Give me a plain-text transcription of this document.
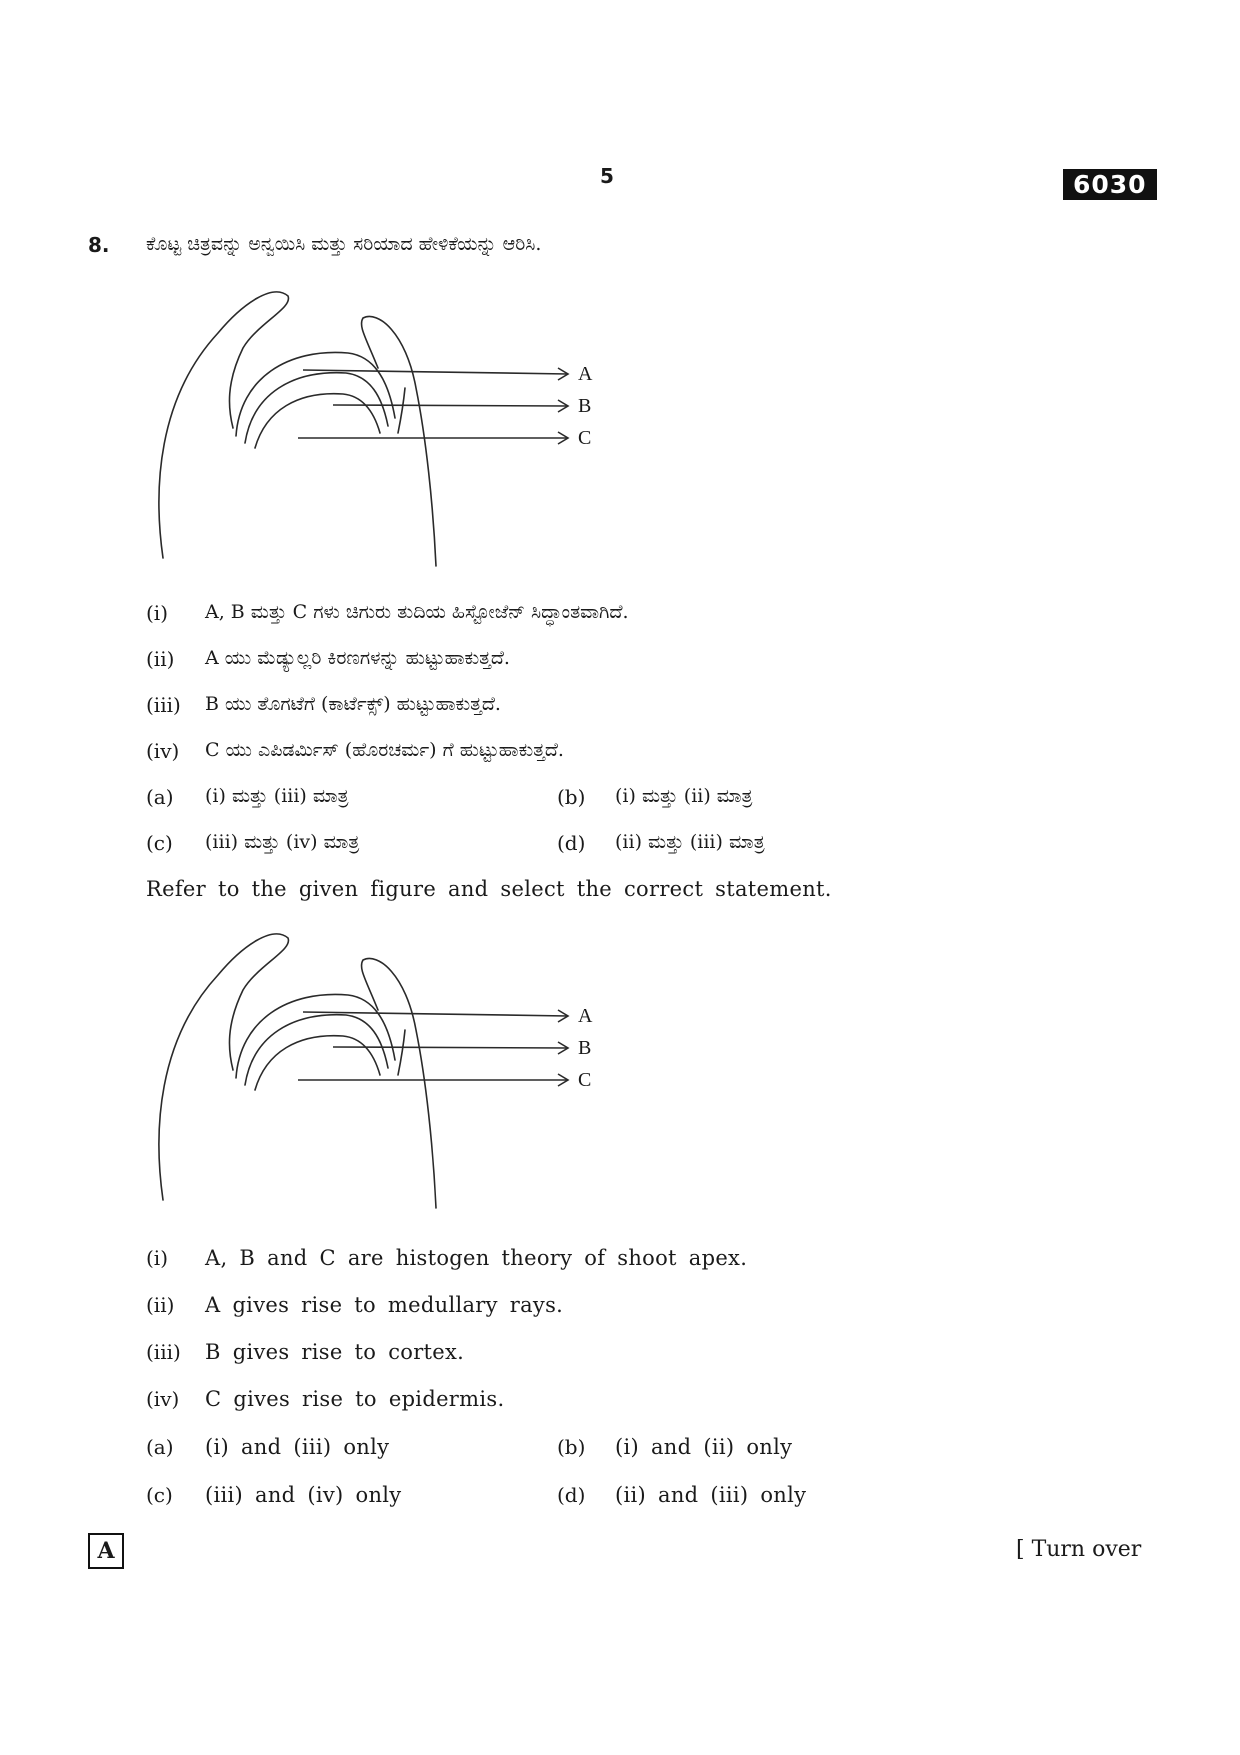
5	6030
8. ಕೊಟ್ಟ ಚಿತ್ರವನ್ನು ಅನ್ವಯಿಸಿ ಮತ್ತು ಸರಿಯಾದ ಹೇಳಿಕೆಯನ್ನು ಆರಿಸಿ.
A
B
C
(i) A, B ಮತ್ತು C ಗಳು ಚಿಗುರು ತುದಿಯ ಹಿಸ್ಟೋಜೆನ್ ಸಿದ್ಧಾಂತವಾಗಿದೆ.
(ii) A ಯು ಮೆಡ್ಯುಲ್ಲರಿ ಕಿರಣಗಳನ್ನು ಹುಟ್ಟುಹಾಕುತ್ತದೆ.
(iii) B ಯು ತೊಗಟೆಗೆ (ಕಾರ್ಟೆಕ್ಸ್) ಹುಟ್ಟುಹಾಕುತ್ತದೆ.
(iv) C ಯು ಎಪಿಡರ್ಮಿಸ್ (ಹೊರಚರ್ಮ) ಗೆ ಹುಟ್ಟುಹಾಕುತ್ತದೆ.
(a) (i) ಮತ್ತು (iii) ಮಾತ್ರ	(b) (i) ಮತ್ತು (ii) ಮಾತ್ರ
(c) (iii) ಮತ್ತು (iv) ಮಾತ್ರ	(d) (ii) ಮತ್ತು (iii) ಮಾತ್ರ
Refer to the given figure and select the correct statement.
A
B
C
(i) A, B and C are histogen theory of shoot apex.
(ii) A gives rise to medullary rays.
(iii) B gives rise to cortex.
(iv) C gives rise to epidermis.
(a) (i) and (iii) only	(b) (i) and (ii) only
(c) (iii) and (iv) only	(d) (ii) and (iii) only
A	[ Turn over
